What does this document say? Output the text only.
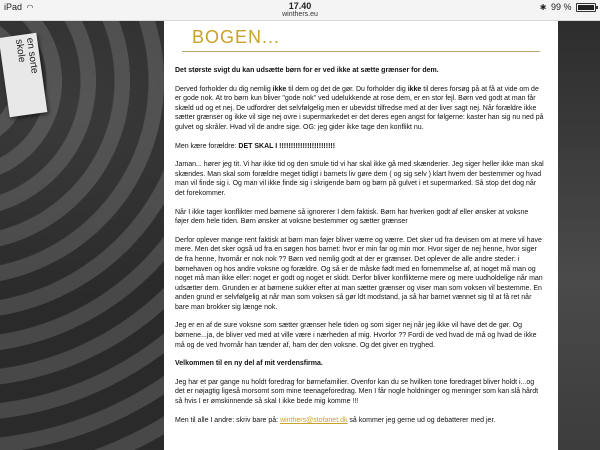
iPad ◠	17.40
winthers.eu
✱ 99 %
en sorte
skole
BOGEN...

Det største svigt du kan udsætte børn for er ved ikke at sætte grænser for dem.

Derved forholder du dig nemlig ikke til dem og det de gør. Du forholder dig ikke til deres forsøg på at få at vide om de er gode nok. At tro børn kun bliver "gode nok" ved udelukkende at rose dem, er en stor fejl. Børn ved godt at man får skæld ud og et nej. De udfordrer det selvfølgelig men er ubevidst tilfredse med at der liver sagt nej. Når forældre ikke sætter grænser og ikke vil sige nej ovre i supermarkedet er det deres egen angst for følgerne: kaster han sig nu ned på gulvet og skråler. Hvad vil de andre sige. OG: jeg gider ikke tage den konflikt nu.

Men kære forældre: DET SKAL I !!!!!!!!!!!!!!!!!!!!!!!!

Jaman... hører jeg tit. Vi har ikke tid og den smule tid vi har skal ikke gå med skænderier. Jeg siger heller ikke man skal skændes. Man skal som forældre meget tidligt i barnets liv gøre dem ( og sig selv ) klart hvem der bestemmer og hvad man vil finde sig i. Og man vil ikke finde sig i skrigende børn og børn på gulvet i et supermarked. Så stop det dog når det forekommer.

Når I ikke tager konflikter med børnene så ignorerer I dem faktisk. Børn har hverken godt af eller ønsker at voksne føjer dem hele tiden. Børn ønsker at voksne bestemmer og sætter grænser

Derfor oplever mange rent faktisk at børn man føjer bliver værre og værre. Det sker ud fra devisen om at mere vil have mere. Men det sker også ud fra en søgen hos barnet: hvor er min far og min mor. Hvor siger de nej henne, hvor siger de fra henne, hvornår er nok nok ?? Børn ved nemlig godt at der er grænser. Det oplever de alle andre steder: i børnehaven og hos andre voksne og forældre. Og så er de måske født med en fornemmelse af, at noget må man og noget må man ikke eller: noget er godt og noget er skidt. Derfor bliver konflikterne mere og mere uudholdelige når man udsætter dem. Grunden er at børnene sukker efter at man sætter grænser og viser man som voksen vil bestemme. En anden grund er selvfølgelig at når man som voksen så gør ldt modstand, ja så har barnet vænnet sig til at få ret når bare man brokker sig længe nok.

Jeg er en af de sure voksne som sætter grænser hele tiden og som siger nej når jeg ikke vil have det de gør. Og børnene...ja, de bliver ved med at ville være i nærheden af mig. Hvorfor ?? Fordi de ved hvad de må og hvad de ikke må og de ved hvornår han tænder af, ham der den voksne. Og det giver en tryghed.

Velkommen til en ny del af mit verdensfirma.

Jeg har et par gange nu holdt foredrag for børnefamilier. Ovenfor kan du se hvilken tone foredraget bliver holdt i...og det er nøjagtig ligeså morsomt som mine teenageforedrag. Men I får nogle holdninger og meninger som kan slå hårdt så hvis I er ømskinnende så skal I ikke bede mig komme !!!

Men til alle I andre: skriv bare på: winthers@stofanet.dk så kommer jeg gerne ud og debatterer med jer.
